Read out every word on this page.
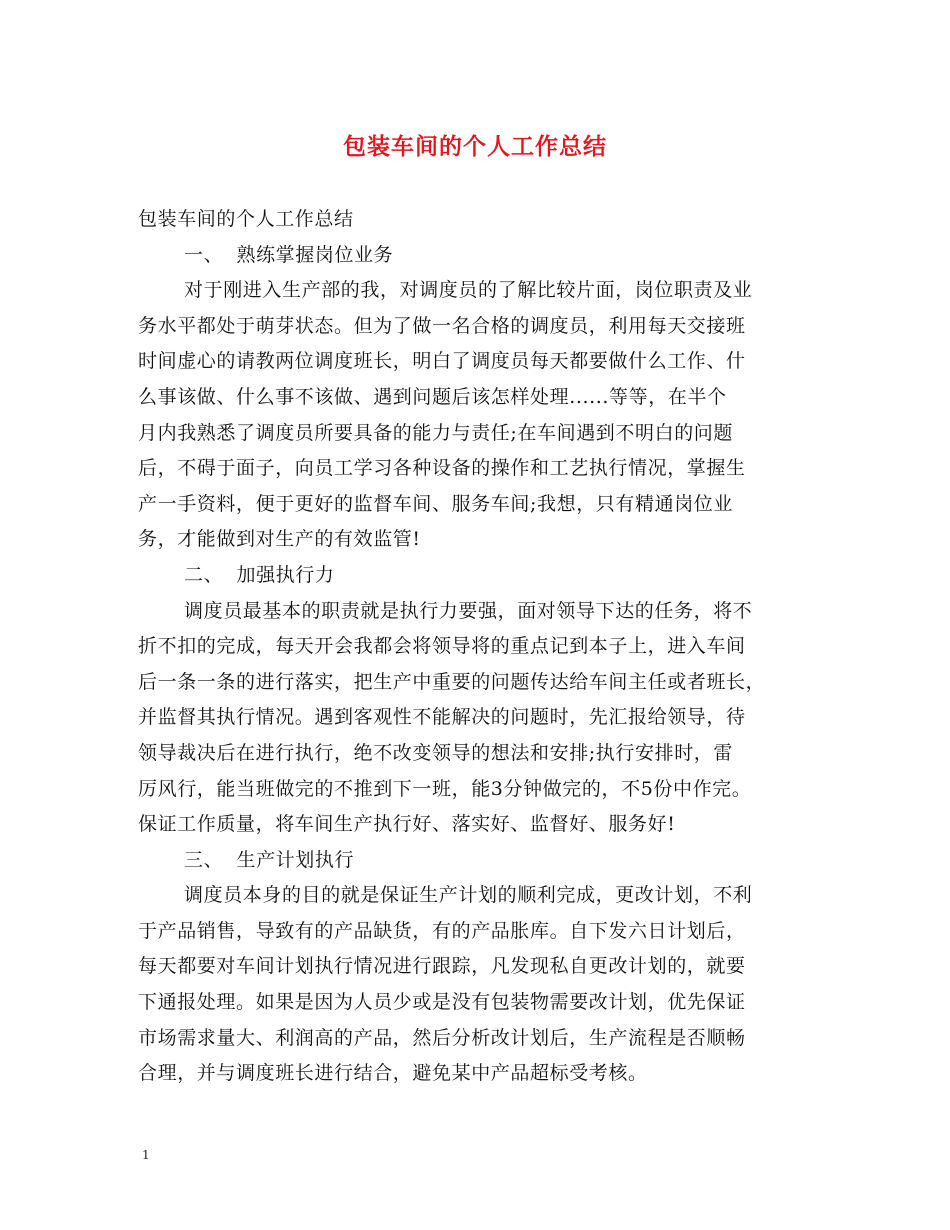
包装车间的个人工作总结
包装车间的个人工作总结
一、  熟练掌握岗位业务
对于刚进入生产部的我，对调度员的了解比较片面，岗位职责及业
务水平都处于萌芽状态。但为了做一名合格的调度员，利用每天交接班
时间虚心的请教两位调度班长，明白了调度员每天都要做什么工作、什
么事该做、什么事不该做、遇到问题后该怎样处理......等等，在半个
月内我熟悉了调度员所要具备的能力与责任;在车间遇到不明白的问题
后，不碍于面子，向员工学习各种设备的操作和工艺执行情况，掌握生
产一手资料，便于更好的监督车间、服务车间;我想，只有精通岗位业
务，才能做到对生产的有效监管!
二、  加强执行力
调度员最基本的职责就是执行力要强，面对领导下达的任务，将不
折不扣的完成，每天开会我都会将领导将的重点记到本子上，进入车间
后一条一条的进行落实，把生产中重要的问题传达给车间主任或者班长，
并监督其执行情况。遇到客观性不能解决的问题时，先汇报给领导，待
领导裁决后在进行执行，绝不改变领导的想法和安排;执行安排时，雷
厉风行，能当班做完的不推到下一班，能3分钟做完的，不5份中作完。
保证工作质量，将车间生产执行好、落实好、监督好、服务好!
三、  生产计划执行
调度员本身的目的就是保证生产计划的顺利完成，更改计划，不利
于产品销售，导致有的产品缺货，有的产品胀库。自下发六日计划后，
每天都要对车间计划执行情况进行跟踪，凡发现私自更改计划的，就要
下通报处理。如果是因为人员少或是没有包装物需要改计划，优先保证
市场需求量大、利润高的产品，然后分析改计划后，生产流程是否顺畅
合理，并与调度班长进行结合，避免某中产品超标受考核。
1
